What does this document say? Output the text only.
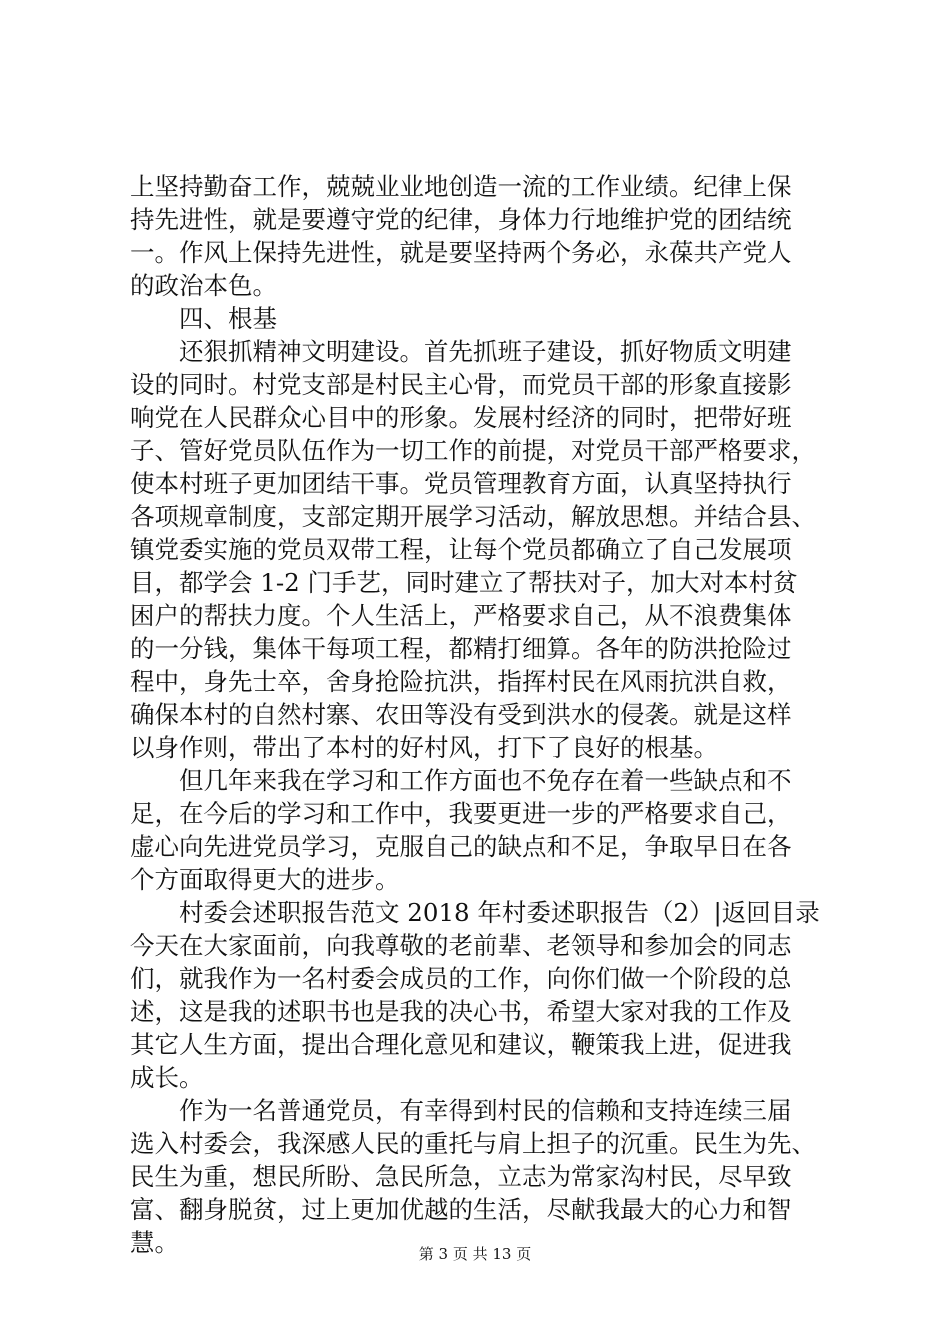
上坚持勤奋工作，兢兢业业地创造一流的工作业绩。纪律上保
持先进性，就是要遵守党的纪律，身体力行地维护党的团结统
一。作风上保持先进性，就是要坚持两个务必，永葆共产党人
的政治本色。
四、根基
还狠抓精神文明建设。首先抓班子建设，抓好物质文明建
设的同时。村党支部是村民主心骨，而党员干部的形象直接影
响党在人民群众心目中的形象。发展村经济的同时，把带好班
子、管好党员队伍作为一切工作的前提，对党员干部严格要求，
使本村班子更加团结干事。党员管理教育方面，认真坚持执行
各项规章制度，支部定期开展学习活动，解放思想。并结合县、
镇党委实施的党员双带工程，让每个党员都确立了自己发展项
目，都学会 1-2 门手艺，同时建立了帮扶对子，加大对本村贫
困户的帮扶力度。个人生活上，严格要求自己，从不浪费集体
的一分钱，集体干每项工程，都精打细算。各年的防洪抢险过
程中，身先士卒，舍身抢险抗洪，指挥村民在风雨抗洪自救，
确保本村的自然村寨、农田等没有受到洪水的侵袭。就是这样
以身作则，带出了本村的好村风，打下了良好的根基。
但几年来我在学习和工作方面也不免存在着一些缺点和不
足，在今后的学习和工作中，我要更进一步的严格要求自己，
虚心向先进党员学习，克服自己的缺点和不足，争取早日在各
个方面取得更大的进步。
村委会述职报告范文 2018 年村委述职报告（2）|返回目录
今天在大家面前，向我尊敬的老前辈、老领导和参加会的同志
们，就我作为一名村委会成员的工作，向你们做一个阶段的总
述，这是我的述职书也是我的决心书，希望大家对我的工作及
其它人生方面，提出合理化意见和建议，鞭策我上进，促进我
成长。
作为一名普通党员，有幸得到村民的信赖和支持连续三届
选入村委会，我深感人民的重托与肩上担子的沉重。民生为先、
民生为重，想民所盼、急民所急，立志为常家沟村民，尽早致
富、翻身脱贫，过上更加优越的生活，尽献我最大的心力和智
慧。	第 3 页 共 13 页
